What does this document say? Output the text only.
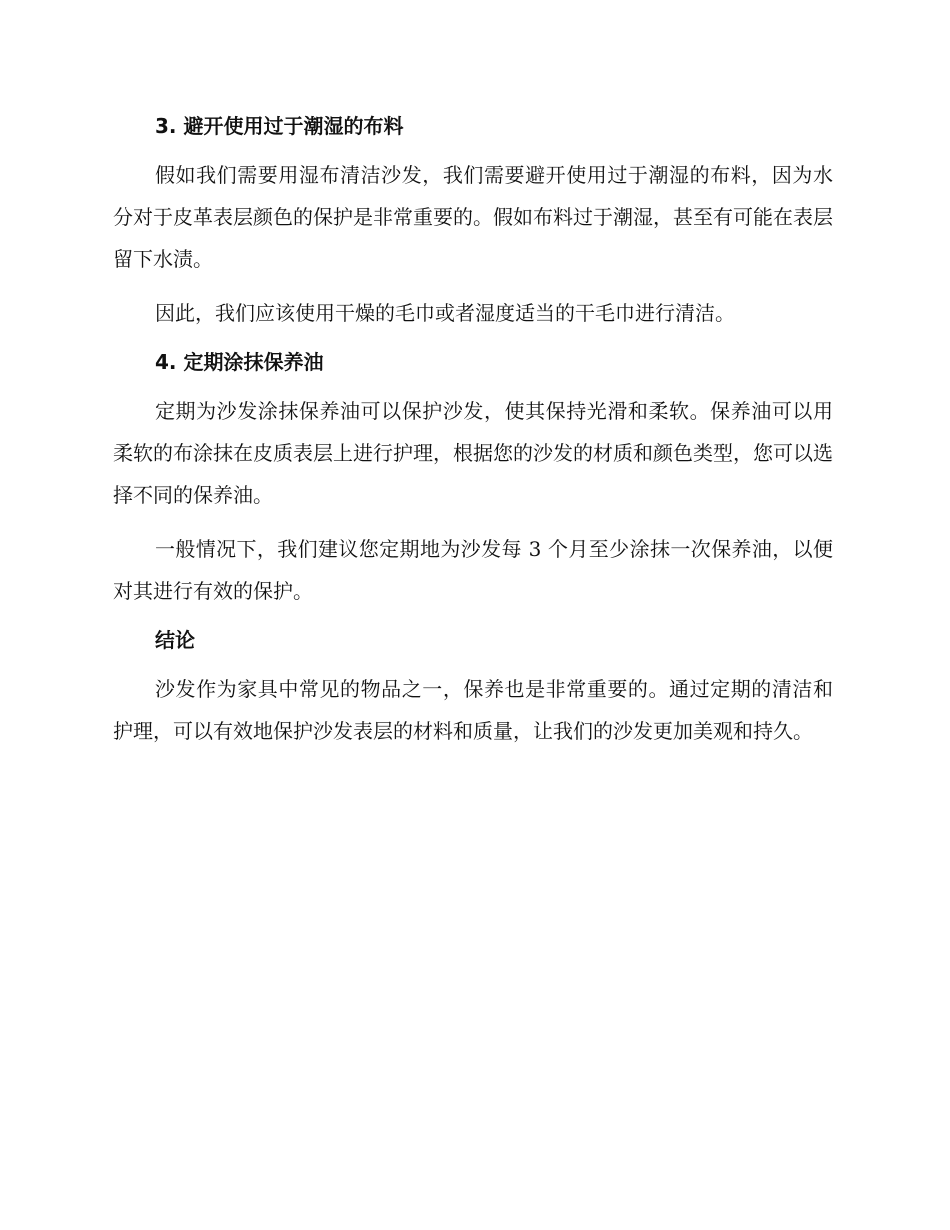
3. 避开使用过于潮湿的布料

假如我们需要用湿布清洁沙发，我们需要避开使用过于潮湿的布料，因为水分对于皮革表层颜色的保护是非常重要的。假如布料过于潮湿，甚至有可能在表层留下水渍。

因此，我们应该使用干燥的毛巾或者湿度适当的干毛巾进行清洁。

4. 定期涂抹保养油

定期为沙发涂抹保养油可以保护沙发，使其保持光滑和柔软。保养油可以用柔软的布涂抹在皮质表层上进行护理，根据您的沙发的材质和颜色类型，您可以选择不同的保养油。

一般情况下，我们建议您定期地为沙发每 3 个月至少涂抹一次保养油，以便对其进行有效的保护。

结论

沙发作为家具中常见的物品之一，保养也是非常重要的。通过定期的清洁和护理，可以有效地保护沙发表层的材料和质量，让我们的沙发更加美观和持久。
